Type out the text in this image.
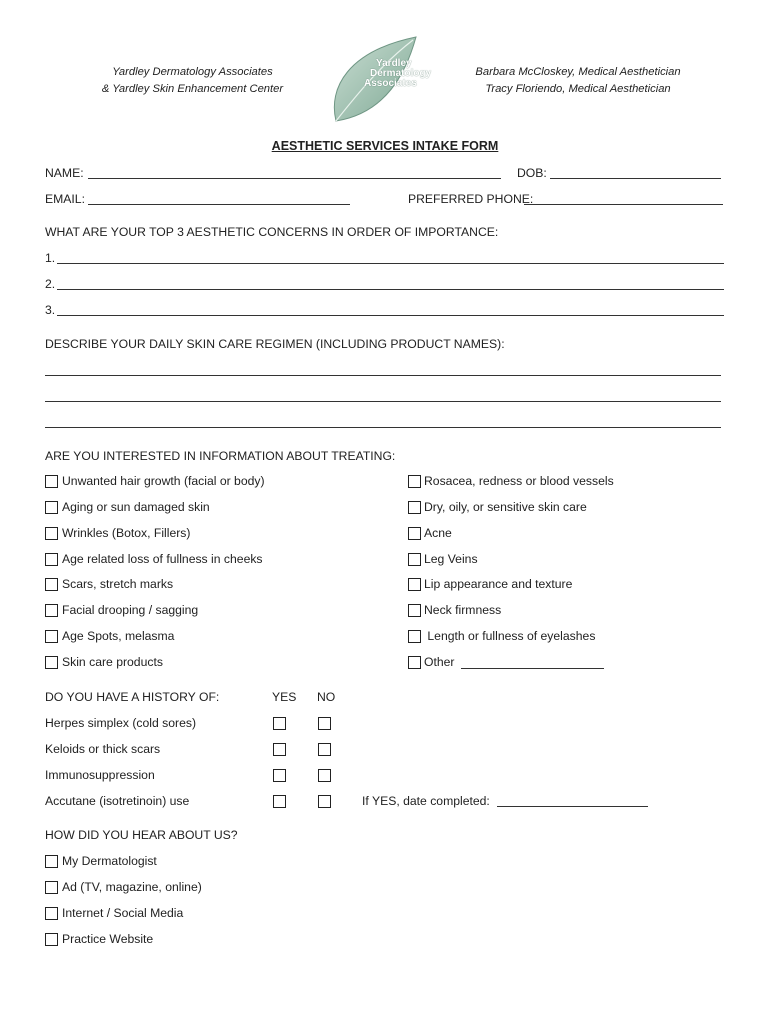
Yardley Dermatology Associates
& Yardley Skin Enhancement Center
Barbara McCloskey, Medical Aesthetician
Tracy Floriendo, Medical Aesthetician
Yardley
Dermatology
Associates
AESTHETIC SERVICES INTAKE FORM
NAME:	DOB:
EMAIL:	PREFERRED PHONE:
WHAT ARE YOUR TOP 3 AESTHETIC CONCERNS IN ORDER OF IMPORTANCE:
1.
2.
3.
DESCRIBE YOUR DAILY SKIN CARE REGIMEN (INCLUDING PRODUCT NAMES):
ARE YOU INTERESTED IN INFORMATION ABOUT TREATING:
Unwanted hair growth (facial or body)
Aging or sun damaged skin
Wrinkles (Botox, Fillers)
Age related loss of fullness in cheeks
Scars, stretch marks
Facial drooping / sagging
Age Spots, melasma
Skin care products
Rosacea, redness or blood vessels
Dry, oily, or sensitive skin care
Acne
Leg Veins
Lip appearance and texture
Neck firmness
Length or fullness of eyelashes
Other
DO YOU HAVE A HISTORY OF:	YES NO
Herpes simplex (cold sores)
Keloids or thick scars
Immunosuppression
Accutane (isotretinoin) use	If YES, date completed:
HOW DID YOU HEAR ABOUT US?
My Dermatologist
Ad (TV, magazine, online)
Internet / Social Media
Practice Website
